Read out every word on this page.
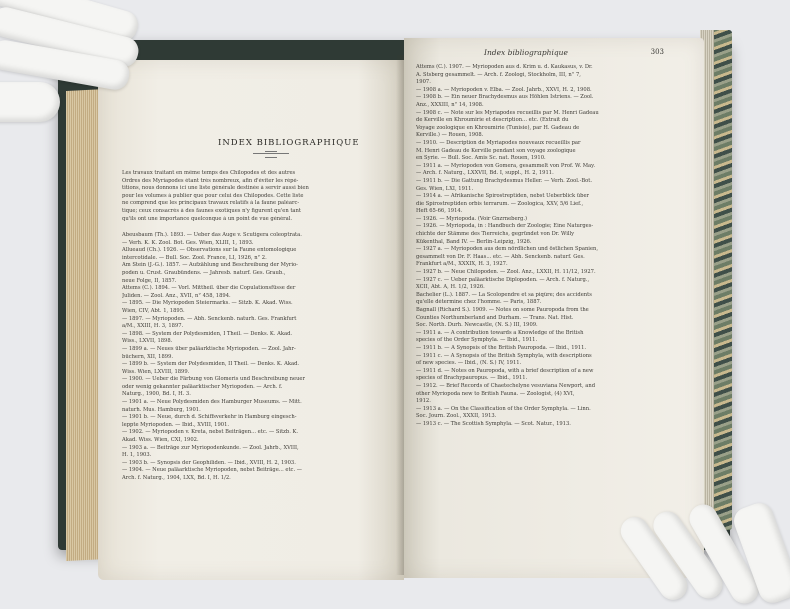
INDEX BIBLIOGRAPHIQUE
Les travaux traitant en même temps des Chilopodes et des autres
Ordres des Myriapodes étant très nombreux, afin d'éviter les répé-
titions, nous donnons ici une liste générale destinée à servir aussi bien
pour les volumes à publier que pour celui des Chilopodes. Cette liste
ne comprend que les principaux travaux relatifs à la faune paléarc-
tique; ceux consacrés à des faunes exotiques n'y figurent qu'en tant
qu'ils ont une importance quelconque à un point de vue général.
Abeusbaum (Th.). 1893. — Ueber das Auge v. Scutigera coleoptrata.
— Verh. K. K. Zool. Bot. Ges. Wien, XLIII, 1, 1893.
Allueaud (Ch.). 1926. — Observations sur la Faune entomologique
intercotidale. — Bull. Soc. Zool. France, LI, 1926, n° 2.
Am Stein (J.-G.). 1857. — Aufzählung und Beschreibung der Myrio-
poden u. Crust. Graubündens. — Jahresb. naturf. Ges. Graub.,
neue Folge, II, 1857.
Attems (C.). 1894. — Vorl. Mittheil. über die Copulationsfüsse der
Juliden. — Zool. Anz., XVII, n° 458, 1894.
— 1895. — Die Myriopoden Steiermarks. — Sitzb. K. Akad. Wiss.
Wien, CIV, Abt. 1, 1895.
— 1897. — Myriopoden. — Abh. Senckenb. naturh. Ges. Frankfurt
a/M., XXIII, H. 3, 1897.
— 1898. — System der Polydesmiden, I Theil. — Denks. K. Akad.
Wiss., LXVII, 1898.
— 1899 a. — Neues über paläarktische Myriopoden. — Zool. Jahr-
büchern, XII, 1899.
— 1899 b. — System der Polydesmiden, II Theil. — Denks. K. Akad.
Wiss. Wien, LXVIII, 1899.
— 1900. — Ueber die Färbung von Glomeris und Beschreibung neuer
oder wenig gekannter paläarktischer Myriopoden. — Arch. f.
Naturg., 1900, Bd. I, H. 3.
— 1901 a. — Neue Polydesmiden des Hamburger Museums. — Mitt.
naturh. Mus. Hamburg, 1901.
— 1901 b. — Neue, durch d. Schiffsverkehr in Hamburg eingesch-
leppte Myriopoden. — Ibid., XVIII, 1901.
— 1902. — Myriopoden v. Kreta, nebst Beiträgen... etc. — Sitzb. K.
Akad. Wiss. Wien, CXI, 1902.
— 1903 a. — Beiträge zur Myriopodenkunde. — Zool. Jahrb., XVIII,
H. 1, 1903.
— 1903 b. — Synopsis der Geophiliden. — Ibid., XVIII, H. 2, 1903.
— 1904. — Neue paläarktische Myriopoden, nebst Beiträge... etc. —
Arch. f. Naturg., 1904, LXX, Bd. I, H. 1/2.
Index bibliographique	303
Attems (C.). 1907. — Myriopoden aus d. Krim u. d. Kaukasus, v. Dr.
A. Stsberg gesammelt. — Arch. f. Zoologi, Stockholm, III, n° 7,
1907.
— 1908 a. — Myriopoden v. Elba. — Zool. Jahrb., XXVI, H. 2, 1908.
— 1908 b. — Ein neuer Brachydesmus aus Höhlen Istriens. — Zool.
Anz., XXXIII, n° 14, 1908.
— 1908 c. — Note sur les Myriapodes recueillis par M. Henri Gadeau
de Kerville en Khroumirie et description... etc. (Extrait du
Voyage zoologique en Khroumirie (Tunisie), par H. Gadeau de
Kerville.) — Rouen, 1908.
— 1910. — Description de Myriapodes nouveaux recueillis par
M. Henri Gadeau de Kerville pendant son voyage zoologique
en Syrie. — Bull. Soc. Amis Sc. nat. Rouen, 1910.
— 1911 a. — Myriopoden von Gomera, gesammelt von Prof. W. May.
— Arch. f. Naturg., LXXVII, Bd. I, suppl., H. 2, 1911.
— 1911 b. — Die Gattung Brachydesmus Heller. — Verh. Zool.-Bot.
Ges. Wien, LXI, 1911.
— 1914 a. — Afrikanische Spirostreptiden, nebst Ueberblick über
die Spirostreptiden orbis terrarum. — Zoologica, XXV, 5/6 Lief.,
Heft 65-66, 1914.
— 1926. — Myriopoda. (Voir Gnzrneberg.)
— 1926. — Myriopoda, in : Handbuch der Zoologie; Eine Naturges-
chichte der Stämme des Tierreichs, gegründet von Dr. Willy
Kükenthal, Band IV. — Berlin-Leipzig, 1926.
— 1927 a. — Myriopoden aus dem nördlichen und östlichen Spanien,
gesammelt von Dr. F. Haas... etc. — Abh. Senckenb. naturf. Ges.
Frankfurt a/M., XXXIX, H. 3, 1927.
— 1927 b. — Neue Chilopoden. — Zool. Anz., LXXII, H. 11/12, 1927.
— 1927 c. — Ueber paläarktische Diplopoden. — Arch. f. Naturg.,
XCII, Abt. A, H. 1/2, 1926.
Bachelier (L.). 1887. — La Scolopendre et sa piqûre; des accidents
qu'elle détermine chez l'homme. — Paris, 1887.
Bagnall (Richard S.). 1909. — Notes on some Pauropoda from the
Counties Northumberland and Durham. — Trans. Nat. Hist.
Soc. North. Durh. Newcastle, (N. S.) III, 1909.
— 1911 a. — A contribution towards a Knowledge of the British
species of the Order Symphyla. — Ibid., 1911.
— 1911 b. — A Synopsis of the British Pauropoda. — Ibid., 1911.
— 1911 c. — A Synopsis of the British Symphyla, with descriptions
of new species. — Ibid., (N. S.) IV, 1911.
— 1911 d. — Notes on Pauropoda, with a brief description of a new
species of Brachypauropus. — Ibid., 1911.
— 1912. — Brief Records of Chaetechelyne vesuviana Newport, and
other Myriopoda new to British Fauna. — Zoologist, (4) XVI,
1912.
— 1913 a. — On the Classification of the Order Symphyla. — Linn.
Soc. Journ. Zool., XXXII, 1913.
— 1913 c. — The Scottish Symphyla. — Scot. Natur., 1913.
